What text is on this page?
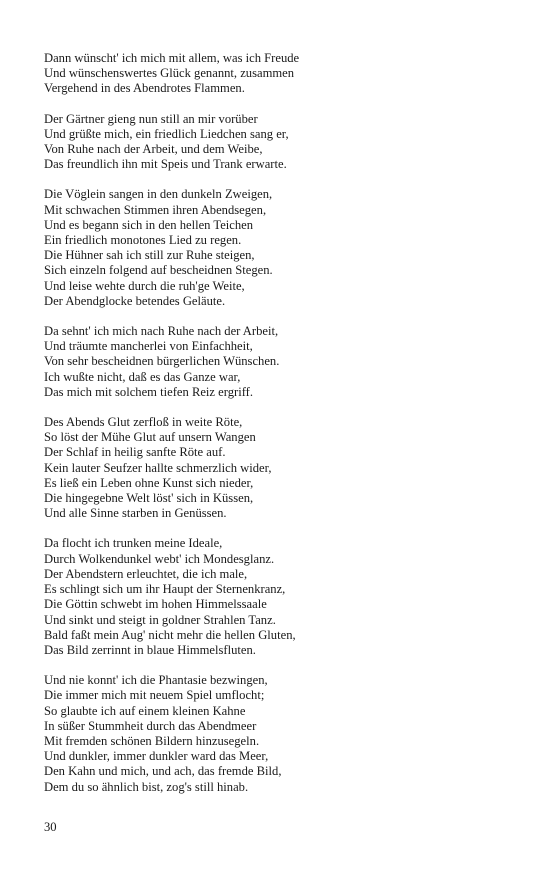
Dann wünscht' ich mich mit allem, was ich Freude
Und wünschenswertes Glück genannt, zusammen
Vergehend in des Abendrotes Flammen.
Der Gärtner gieng nun still an mir vorüber
Und grüßte mich, ein friedlich Liedchen sang er,
Von Ruhe nach der Arbeit, und dem Weibe,
Das freundlich ihn mit Speis und Trank erwarte.
Die Vöglein sangen in den dunkeln Zweigen,
Mit schwachen Stimmen ihren Abendsegen,
Und es begann sich in den hellen Teichen
Ein friedlich monotones Lied zu regen.
Die Hühner sah ich still zur Ruhe steigen,
Sich einzeln folgend auf bescheidnen Stegen.
Und leise wehte durch die ruh'ge Weite,
Der Abendglocke betendes Geläute.
Da sehnt' ich mich nach Ruhe nach der Arbeit,
Und träumte mancherlei von Einfachheit,
Von sehr bescheidnen bürgerlichen Wünschen.
Ich wußte nicht, daß es das Ganze war,
Das mich mit solchem tiefen Reiz ergriff.
Des Abends Glut zerfloß in weite Röte,
So löst der Mühe Glut auf unsern Wangen
Der Schlaf in heilig sanfte Röte auf.
Kein lauter Seufzer hallte schmerzlich wider,
Es ließ ein Leben ohne Kunst sich nieder,
Die hingegebne Welt löst' sich in Küssen,
Und alle Sinne starben in Genüssen.
Da flocht ich trunken meine Ideale,
Durch Wolkendunkel webt' ich Mondesglanz.
Der Abendstern erleuchtet, die ich male,
Es schlingt sich um ihr Haupt der Sternenkranz,
Die Göttin schwebt im hohen Himmelssaale
Und sinkt und steigt in goldner Strahlen Tanz.
Bald faßt mein Aug' nicht mehr die hellen Gluten,
Das Bild zerrinnt in blaue Himmelsfluten.
Und nie konnt' ich die Phantasie bezwingen,
Die immer mich mit neuem Spiel umflocht;
So glaubte ich auf einem kleinen Kahne
In süßer Stummheit durch das Abendmeer
Mit fremden schönen Bildern hinzusegeln.
Und dunkler, immer dunkler ward das Meer,
Den Kahn und mich, und ach, das fremde Bild,
Dem du so ähnlich bist, zog's still hinab.
30
